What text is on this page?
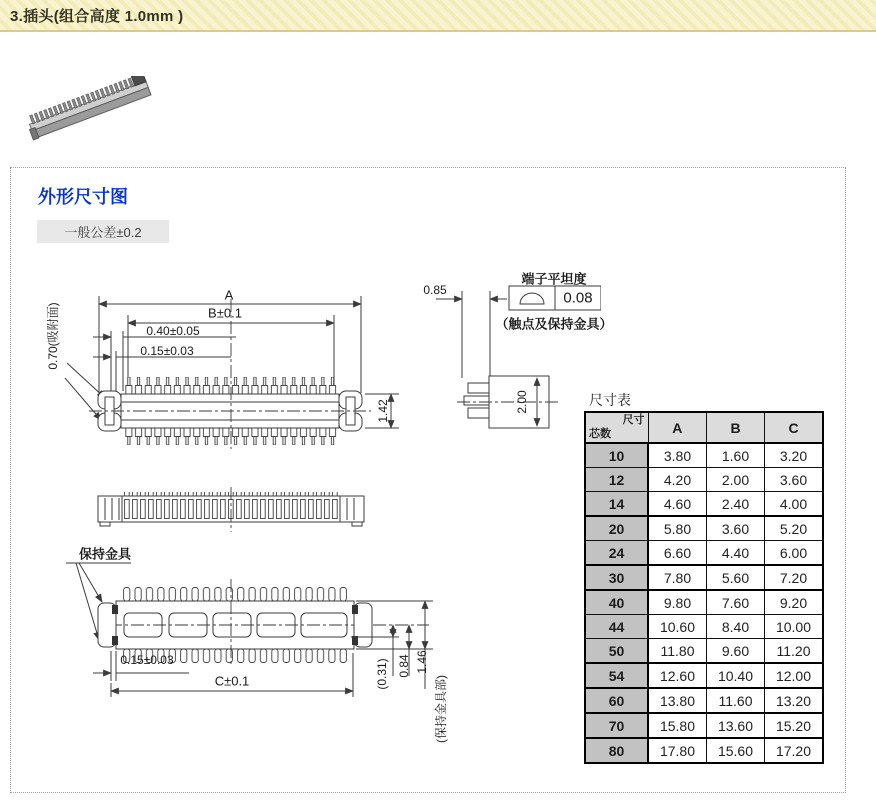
3.插头(组合高度 1.0mm )
外形尺寸图
一般公差±0.2
A
B±0.1
0.40±0.05
0.15±0.03
0.70(吸附面)
1.42
0.85
端子平坦度
0.08
（触点及保持金具）
2.00
保持金具
0.15±0.03
C±0.1	(0.31) 0.84 1.46
(保持金具部)
尺寸表
尺寸
芯数	A	B	C
10	3.80	1.60	3.20
12	4.20	2.00	3.60
14	4.60	2.40	4.00
20	5.80	3.60	5.20
24	6.60	4.40	6.00
30	7.80	5.60	7.20
40	9.80	7.60	9.20
44	10.60	8.40	10.00
50	11.80	9.60	11.20
54	12.60	10.40	12.00
60	13.80	11.60	13.20
70	15.80	13.60	15.20
80	17.80	15.60	17.20
